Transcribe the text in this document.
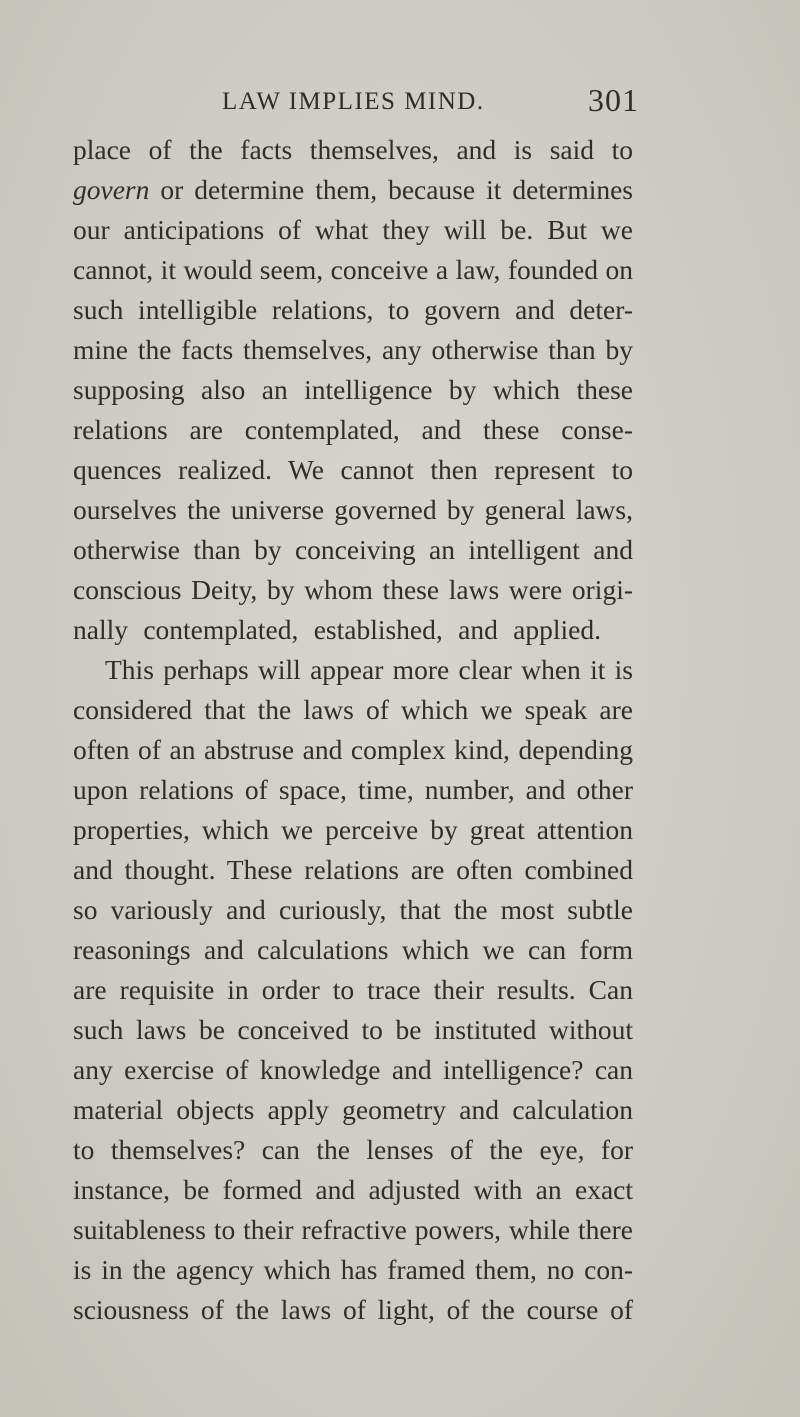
LAW IMPLIES MIND.	301
place of the facts themselves, and is said to
govern or determine them, because it determines
our anticipations of what they will be. But we
cannot, it would seem, conceive a law, founded on
such intelligible relations, to govern and deter-
mine the facts themselves, any otherwise than by
supposing also an intelligence by which these
relations are contemplated, and these conse-
quences realized. We cannot then represent to
ourselves the universe governed by general laws,
otherwise than by conceiving an intelligent and
conscious Deity, by whom these laws were origi-
nally contemplated, established, and applied.
This perhaps will appear more clear when it is
considered that the laws of which we speak are
often of an abstruse and complex kind, depending
upon relations of space, time, number, and other
properties, which we perceive by great attention
and thought. These relations are often combined
so variously and curiously, that the most subtle
reasonings and calculations which we can form
are requisite in order to trace their results. Can
such laws be conceived to be instituted without
any exercise of knowledge and intelligence? can
material objects apply geometry and calculation
to themselves? can the lenses of the eye, for
instance, be formed and adjusted with an exact
suitableness to their refractive powers, while there
is in the agency which has framed them, no con-
sciousness of the laws of light, of the course of
